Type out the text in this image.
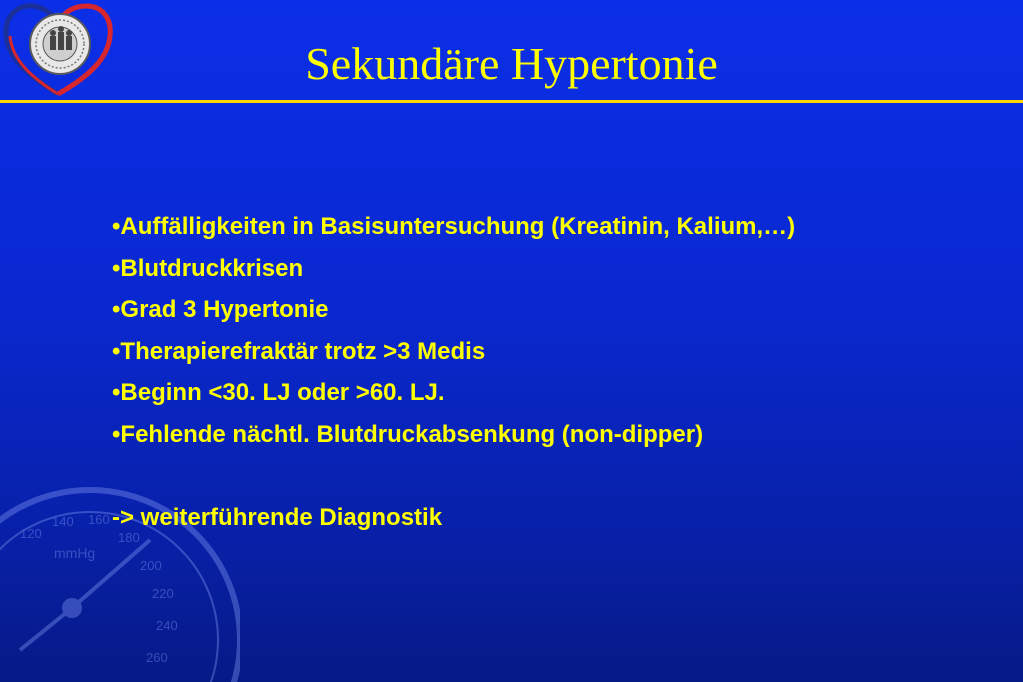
Sekundäre Hypertonie
120
140 160
180
200
220
240
260
mmHg
• Auffälligkeiten in Basisuntersuchung (Kreatinin, Kalium,…)
• Blutdruckkrisen
• Grad 3 Hypertonie
• Therapierefraktär trotz >3 Medis
• Beginn <30. LJ oder >60. LJ.
• Fehlende nächtl. Blutdruckabsenkung (non-dipper)

-> weiterführende Diagnostik
